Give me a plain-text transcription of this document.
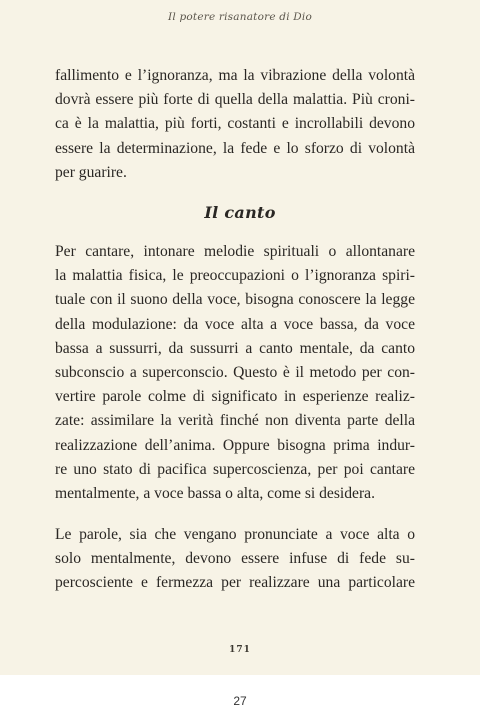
Il potere risanatore di Dio

fallimento e l’ignoranza, ma la vibrazione della volontà
dovrà essere più forte di quella della malattia. Più croni-
ca è la malattia, più forti, costanti e incrollabili devono
essere la determinazione, la fede e lo sforzo di volontà
per guarire.

Il canto

Per cantare, intonare melodie spirituali o allontanare
la malattia fisica, le preoccupazioni o l’ignoranza spiri-
tuale con il suono della voce, bisogna conoscere la legge
della modulazione: da voce alta a voce bassa, da voce
bassa a sussurri, da sussurri a canto mentale, da canto
subconscio a superconscio. Questo è il metodo per con-
vertire parole colme di significato in esperienze realiz-
zate: assimilare la verità finché non diventa parte della
realizzazione dell’anima. Oppure bisogna prima indur-
re uno stato di pacifica supercoscienza, per poi cantare
mentalmente, a voce bassa o alta, come si desidera.

Le parole, sia che vengano pronunciate a voce alta o
solo mentalmente, devono essere infuse di fede su-
percosciente e fermezza per realizzare una particolare

171
27
